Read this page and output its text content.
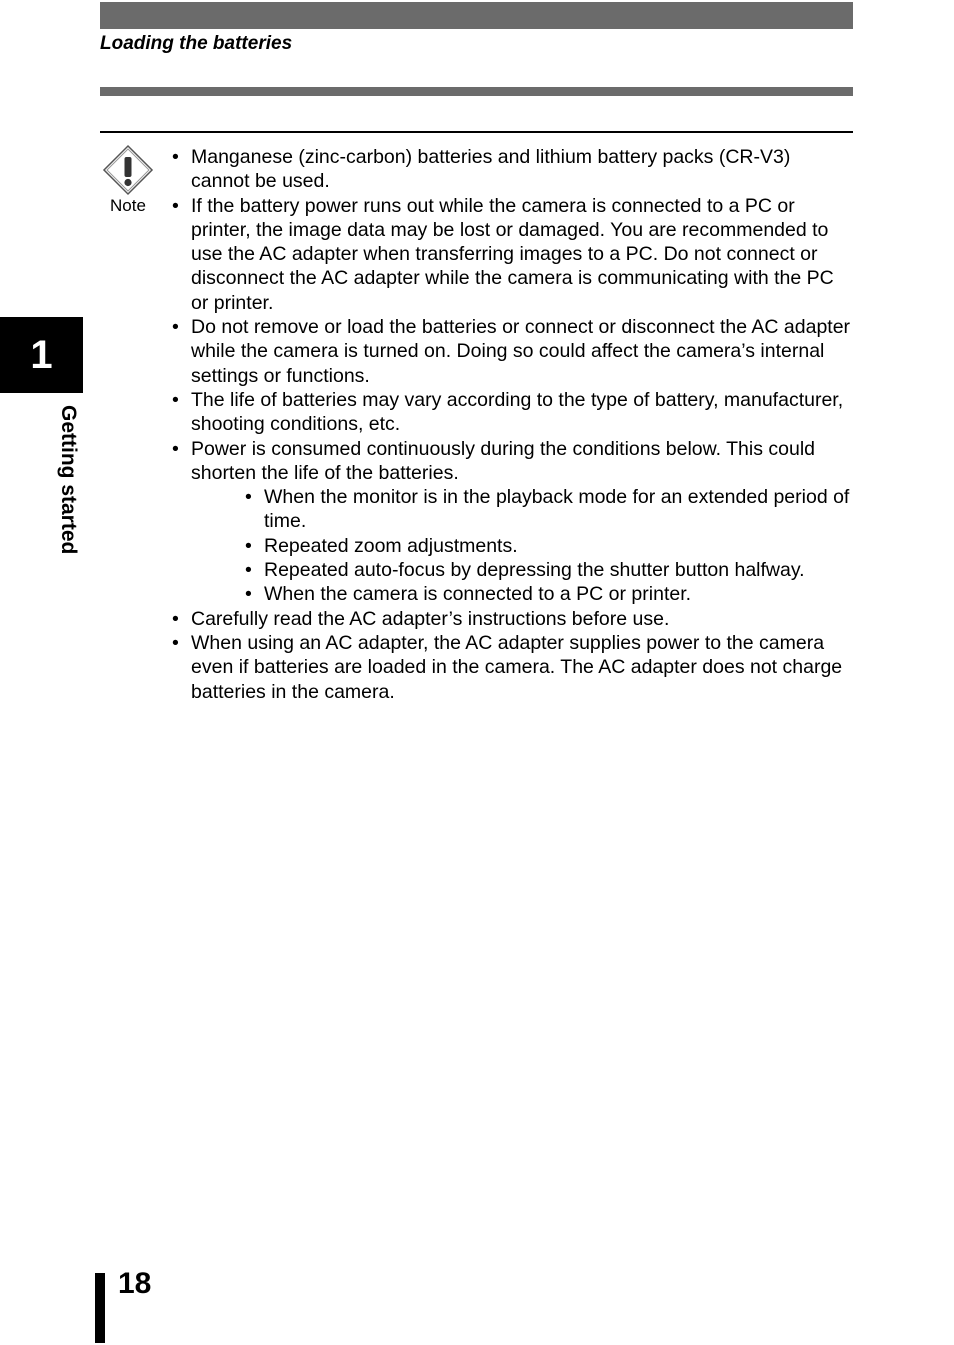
Loading the batteries
Note
• Manganese (zinc-carbon) batteries and lithium battery packs (CR-V3) cannot be used.
• If the battery power runs out while the camera is connected to a PC or printer, the image data may be lost or damaged. You are recommended to use the AC adapter when transferring images to a PC. Do not connect or disconnect the AC adapter while the camera is communicating with the PC or printer.
• Do not remove or load the batteries or connect or disconnect the AC adapter while the camera is turned on. Doing so could affect the camera’s internal settings or functions.
• The life of batteries may vary according to the type of battery, manufacturer, shooting conditions, etc.
• Power is consumed continuously during the conditions below. This could shorten the life of the batteries.
• When the monitor is in the playback mode for an extended period of time.
• Repeated zoom adjustments.
• Repeated auto-focus by depressing the shutter button halfway.
• When the camera is connected to a PC or printer.
• Carefully read the AC adapter’s instructions before use.
• When using an AC adapter, the AC adapter supplies power to the camera even if batteries are loaded in the camera. The AC adapter does not charge batteries in the camera.
1
Getting started
18
